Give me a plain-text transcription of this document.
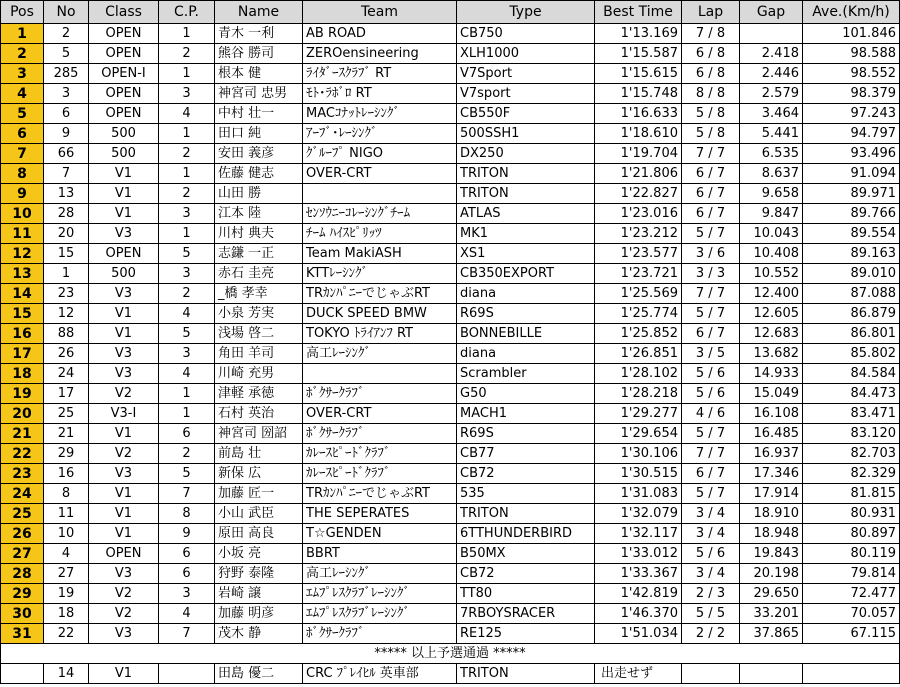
Pos	No	Class	C.P.	Name	Team	Type	Best Time	Lap	Gap	Ave.(Km/h)
1	2	OPEN	1	青木 一利	AB ROAD	CB750	1'13.169	7 / 8		101.846
2	5	OPEN	2	熊谷 勝司	ZEROensineering	XLH1000	1'15.587	6 / 8	2.418	98.588
3	285	OPEN-I	1	根本 健	ﾗｲﾀﾞｰｽｸﾗﾌﾞ RT	V7Sport	1'15.615	6 / 8	2.446	98.552
4	3	OPEN	3	神宮司 忠男	ﾓﾄ･ﾗﾎﾞﾛ RT	V7sport	1'15.748	8 / 8	2.579	98.379
5	6	OPEN	4	中村 壮一	MACｺﾅｯﾄﾚｰｼﾝｸﾞ	CB550F	1'16.633	5 / 8	3.464	97.243
6	9	500	1	田口 純	ｱｰﾌﾞ･ﾚｰｼﾝｸﾞ	500SSH1	1'18.610	5 / 8	5.441	94.797
7	66	500	2	安田 義彦	ｸﾞﾙｰﾌﾟ NIGO	DX250	1'19.704	7 / 7	6.535	93.496
8	7	V1	1	佐藤 健志	OVER-CRT	TRITON	1'21.806	6 / 7	8.637	91.094
9	13	V1	2	山田 勝		TRITON	1'22.827	6 / 7	9.658	89.971
10	28	V1	3	江本 陸	ｾﾝｿｳﾆｰｺﾚｰｼﾝｸﾞﾁｰﾑ	ATLAS	1'23.016	6 / 7	9.847	89.766
11	20	V3	1	川村 典夫	ﾁｰﾑ ﾊｲｽﾋﾟﾘｯﾂ	MK1	1'23.212	5 / 7	10.043	89.554
12	15	OPEN	5	志鎌 一正	Team MakiASH	XS1	1'23.577	3 / 6	10.408	89.163
13	1	500	3	赤石 圭亮	KTTﾚｰｼﾝｸﾞ	CB350EXPORT	1'23.721	3 / 3	10.552	89.010
14	23	V3	2	_橋 孝幸	TRｶﾝﾊﾟﾆｰでじゃぶRT	diana	1'25.569	7 / 7	12.400	87.088
15	12	V1	4	小泉 芳実	DUCK SPEED BMW	R69S	1'25.774	5 / 7	12.605	86.879
16	88	V1	5	浅場 啓二	TOKYO ﾄﾗｲｱﾝﾌ RT	BONNEBILLE	1'25.852	6 / 7	12.683	86.801
17	26	V3	3	角田 羊司	高工ﾚｰｼﾝｸﾞ	diana	1'26.851	3 / 5	13.682	85.802
18	24	V3	4	川崎 充男		Scrambler	1'28.102	5 / 6	14.933	84.584
19	17	V2	1	津軽 承徳	ﾎﾞｸｻｰｸﾗﾌﾞ	G50	1'28.218	5 / 6	15.049	84.473
20	25	V3-I	1	石村 英治	OVER-CRT	MACH1	1'29.277	4 / 6	16.108	83.471
21	21	V1	6	神宮司 圀詔	ﾎﾞｸｻｰｸﾗﾌﾞ	R69S	1'29.654	5 / 7	16.485	83.120
22	29	V2	2	前島 壮	ｶﾚｰｽﾋﾟｰﾄﾞｸﾗﾌﾞ	CB77	1'30.106	7 / 7	16.937	82.703
23	16	V3	5	新保 広	ｶﾚｰｽﾋﾟｰﾄﾞｸﾗﾌﾞ	CB72	1'30.515	6 / 7	17.346	82.329
24	8	V1	7	加藤 匠一	TRｶﾝﾊﾟﾆｰでじゃぶRT	535	1'31.083	5 / 7	17.914	81.815
25	11	V1	8	小山 武臣	THE SEPERATES	TRITON	1'32.079	3 / 4	18.910	80.931
26	10	V1	9	原田 高良	T☆GENDEN	6TTHUNDERBIRD	1'32.117	3 / 4	18.948	80.897
27	4	OPEN	6	小坂 亮	BBRT	B50MX	1'33.012	5 / 6	19.843	80.119
28	27	V3	6	狩野 泰隆	高工ﾚｰｼﾝｸﾞ	CB72	1'33.367	3 / 4	20.198	79.814
29	19	V2	3	岩崎 譲	ｴﾑﾌﾟﾚｽｸﾗﾌﾞﾚｰｼﾝｸﾞ	TT80	1'42.819	2 / 3	29.650	72.477
30	18	V2	4	加藤 明彦	ｴﾑﾌﾟﾚｽｸﾗﾌﾞﾚｰｼﾝｸﾞ	7RBOYSRACER	1'46.370	5 / 5	33.201	70.057
31	22	V3	7	茂木 静	ﾎﾞｸｻｰｸﾗﾌﾞ	RE125	1'51.034	2 / 2	37.865	67.115
***** 以上予選通過 *****										
	14	V1		田島 優二	CRC ﾌﾟﾚｲﾋﾙ 英車部	TRITON	出走せず			
